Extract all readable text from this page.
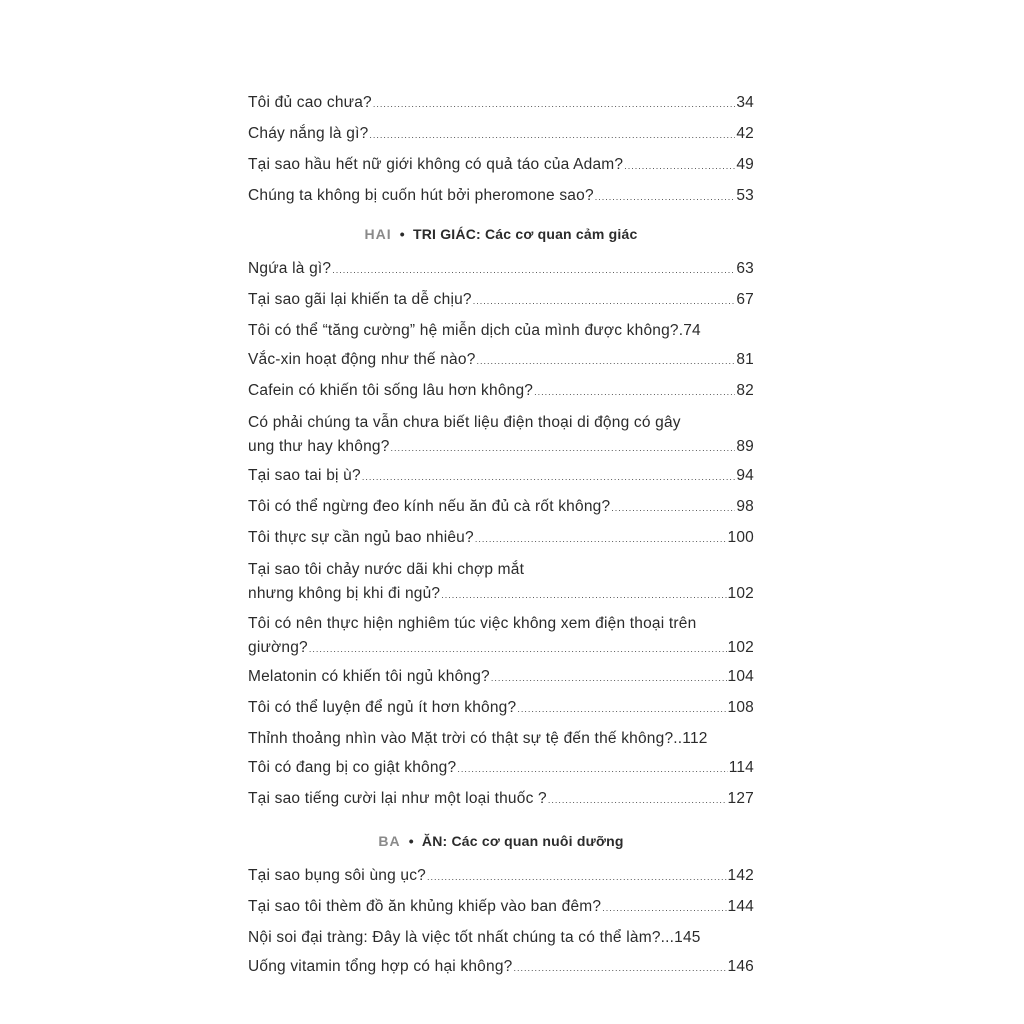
Tôi đủ cao chưa? .....	34
Cháy nắng là gì? .....	42
Tại sao hầu hết nữ giới không có quả táo của Adam? .....	49
Chúng ta không bị cuốn hút bởi pheromone sao? .....	53
HAI • TRI GIÁC: Các cơ quan cảm giác
Ngứa là gì? .....	63
Tại sao gãi lại khiến ta dễ chịu? .....	67
Tôi có thể “tăng cường” hệ miễn dịch của mình được không? .74
Vắc-xin hoạt động như thế nào? .....	81
Cafein có khiến tôi sống lâu hơn không? .....	82
Có phải chúng ta vẫn chưa biết liệu điện thoại di động có gây
ung thư hay không? .....	89
Tại sao tai bị ù? .....	94
Tôi có thể ngừng đeo kính nếu ăn đủ cà rốt không? .....	98
Tôi thực sự cần ngủ bao nhiêu? .....	100
Tại sao tôi chảy nước dãi khi chợp mắt
nhưng không bị khi đi ngủ? .....	102
Tôi có nên thực hiện nghiêm túc việc không xem điện thoại trên
giường? .....	102
Melatonin có khiến tôi ngủ không? .....	104
Tôi có thể luyện để ngủ ít hơn không? .....	108
Thỉnh thoảng nhìn vào Mặt trời có thật sự tệ đến thế không? ..112
Tôi có đang bị co giật không? .....	114
Tại sao tiếng cười lại như một loại thuốc ? .....	127
BA • ĂN: Các cơ quan nuôi dưỡng
Tại sao bụng sôi ùng ục? .....	142
Tại sao tôi thèm đồ ăn khủng khiếp vào ban đêm? .....	144
Nội soi đại tràng: Đây là việc tốt nhất chúng ta có thể làm? ...145
Uống vitamin tổng hợp có hại không? .....	146
